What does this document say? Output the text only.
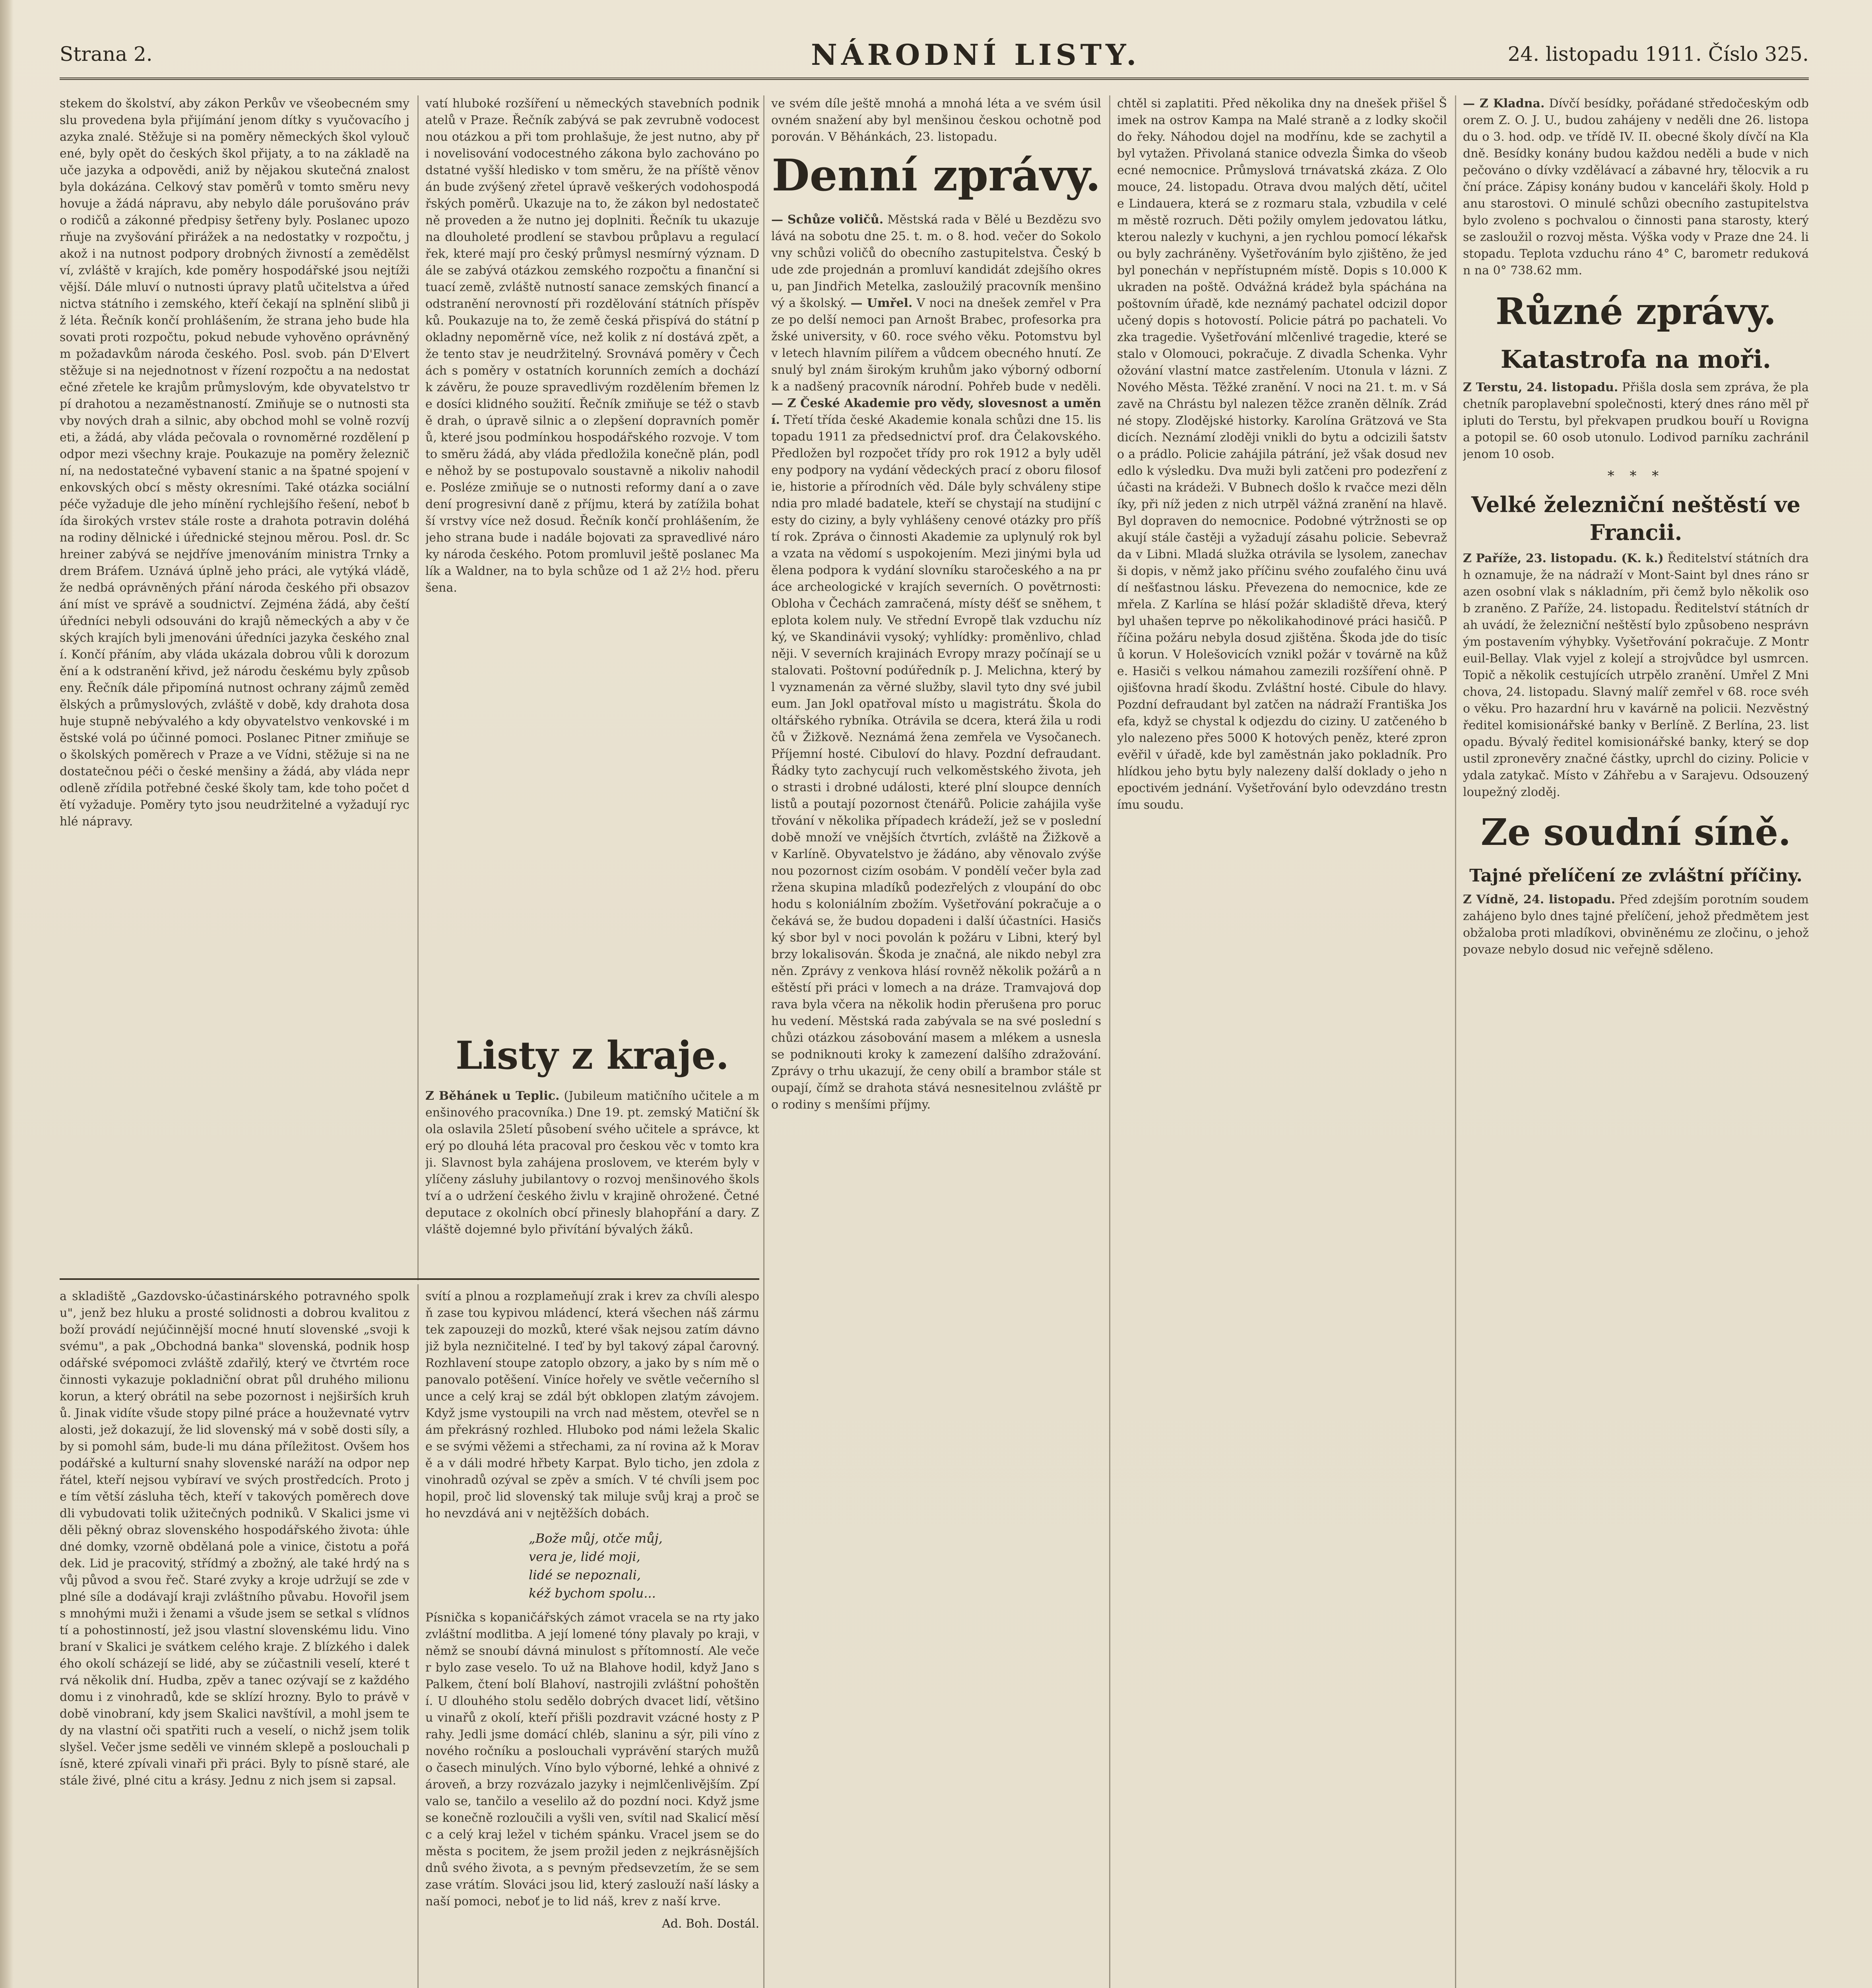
Strana 2.	NÁRODNÍ LISTY.	24. listopadu 1911. Číslo 325.
stekem do školství, aby zákon Perkův ve všeobecném smyslu provedena byla přijímání jenom dítky s vyučovacího jazyka znalé. Stěžuje si na poměry německých škol vyloučené, byly opět do českých škol přijaty, a to na základě nauče jazyka a odpovědi, aniž by nějakou skutečná znalost byla dokázána. Celkový stav poměrů v tomto směru nevyhovuje a žádá nápravu, aby nebylo dále porušováno právo rodičů a zákonné předpisy šetřeny byly. Poslanec upozorňuje na zvyšování přirážek a na nedostatky v rozpočtu, jakož i na nutnost podpory drobných živností a zemědělství, zvláště v krajích, kde poměry hospodářské jsou nejtíživější. Dále mluví o nutnosti úpravy platů učitelstva a úřednictva státního i zemského, kteří čekají na splnění slibů již léta. Řečník končí prohlášením, že strana jeho bude hlasovati proti rozpočtu, pokud nebude vyhověno oprávněným požadavkům národa českého. Posl. svob. pán D'Elvert stěžuje si na nejednotnost v řízení rozpočtu a na nedostatečné zřetele ke krajům průmyslovým, kde obyvatelstvo trpí drahotou a nezaměstnaností. Zmiňuje se o nutnosti stavby nových drah a silnic, aby obchod mohl se volně rozvíjeti, a žádá, aby vláda pečovala o rovnoměrné rozdělení podpor mezi všechny kraje. Poukazuje na poměry železniční, na nedostatečné vybavení stanic a na špatné spojení venkovských obcí s městy okresními. Také otázka sociální péče vyžaduje dle jeho mínění rychlejšího řešení, neboť bída širokých vrstev stále roste a drahota potravin doléhá na rodiny dělnické i úřednické stejnou měrou. Posl. dr. Schreiner zabývá se nejdříve jmenováním ministra Trnky a drem Bráfem. Uznává úplně jeho práci, ale vytýká vládě, že nedbá oprávněných přání národa českého při obsazování míst ve správě a soudnictví. Zejména žádá, aby čeští úředníci nebyli odsouváni do krajů německých a aby v českých krajích byli jmenováni úředníci jazyka českého znalí. Končí přáním, aby vláda ukázala dobrou vůli k dorozumění a k odstranění křivd, jež národu českému byly způsobeny. Řečník dále připomíná nutnost ochrany zájmů zemědělských a průmyslových, zvláště v době, kdy drahota dosahuje stupně nebývalého a kdy obyvatelstvo venkovské i městské volá po účinné pomoci. Poslanec Pitner zmiňuje se o školských poměrech v Praze a ve Vídni, stěžuje si na nedostatečnou péči o české menšiny a žádá, aby vláda neprodleně zřídila potřebné české školy tam, kde toho počet dětí vyžaduje. Poměry tyto jsou neudržitelné a vyžadují rychlé nápravy.
vatí hluboké rozšíření u německých stavebních podnikatelů v Praze. Řečník zabývá se pak zevrubně vodocestnou otázkou a při tom prohlašuje, že jest nutno, aby při novelisování vodocestného zákona bylo zachováno podstatné vyšší hledisko v tom směru, že na příště věnován bude zvýšený zřetel úpravě veškerých vodohospodářských poměrů. Ukazuje na to, že zákon byl nedostatečně proveden a že nutno jej doplniti. Řečník tu ukazuje na dlouholeté prodlení se stavbou průplavu a regulací řek, které mají pro český průmysl nesmírný význam. Dále se zabývá otázkou zemského rozpočtu a finanční situací země, zvláště nutností sanace zemských financí a odstranění nerovností při rozdělování státních příspěvků. Poukazuje na to, že země česká přispívá do státní pokladny nepoměrně více, než kolik z ní dostává zpět, a že tento stav je neudržitelný. Srovnává poměry v Čechách s poměry v ostatních korunních zemích a dochází k závěru, že pouze spravedlivým rozdělením břemen lze dosíci klidného soužití. Řečník zmiňuje se též o stavbě drah, o úpravě silnic a o zlepšení dopravních poměrů, které jsou podmínkou hospodářského rozvoje. V tomto směru žádá, aby vláda předložila konečně plán, podle něhož by se postupovalo soustavně a nikoliv nahodile. Posléze zmiňuje se o nutnosti reformy daní a o zavedení progresivní daně z příjmu, která by zatížila bohatší vrstvy více než dosud. Řečník končí prohlášením, že jeho strana bude i nadále bojovati za spravedlivé nároky národa českého. Potom promluvil ještě poslanec Malík a Waldner, na to byla schůze od 1 až 2½ hod. přerušena.
Listy z kraje.
Z Běhánek u Teplic. (Jubileum matičního učitele a menšinového pracovníka.) Dne 19. pt. zemský Matiční škola oslavila 25letí působení svého učitele a správce, který po dlouhá léta pracoval pro českou věc v tomto kraji. Slavnost byla zahájena proslovem, ve kterém byly vylíčeny zásluhy jubilantovy o rozvoj menšinového školství a o udržení českého živlu v krajině ohrožené. Četné deputace z okolních obcí přinesly blahopřání a dary. Zvláště dojemné bylo přivítání bývalých žáků.
ve svém díle ještě mnohá a mnohá léta a ve svém úsilovném snažení aby byl menšinou českou ochotně podporován. V Běhánkách, 23. listopadu.
Denní zprávy.
— Schůze voličů. Městská rada v Bělé u Bezdězu svolává na sobotu dne 25. t. m. o 8. hod. večer do Sokolovny schůzi voličů do obecního zastupitelstva. Český bude zde projednán a promluví kandidát zdejšího okresu, pan Jindřich Metelka, zasloužilý pracovník menšinový a školský. — Umřel. V noci na dnešek zemřel v Praze po delší nemoci pan Arnošt Brabec, profesorka pražské university, v 60. roce svého věku. Potomstvu byl v letech hlavním pilířem a vůdcem obecného hnutí. Zesnulý byl znám širokým kruhům jako výborný odborník a nadšený pracovník národní. Pohřeb bude v neděli. — Z České Akademie pro vědy, slovesnost a umění. Třetí třída české Akademie konala schůzi dne 15. listopadu 1911 za předsednictví prof. dra Čelakovského. Předložen byl rozpočet třídy pro rok 1912 a byly uděleny podpory na vydání vědeckých prací z oboru filosofie, historie a přírodních věd. Dále byly schváleny stipendia pro mladé badatele, kteří se chystají na studijní cesty do ciziny, a byly vyhlášeny cenové otázky pro příští rok. Zpráva o činnosti Akademie za uplynulý rok byla vzata na vědomí s uspokojením. Mezi jinými byla udělena podpora k vydání slovníku staročeského a na práce archeologické v krajích severních. O povětrnosti: Obloha v Čechách zamračená, místy déšť se sněhem, teplota kolem nuly. Ve střední Evropě tlak vzduchu nízký, ve Skandinávii vysoký; vyhlídky: proměnlivo, chladněji. V severních krajinách Evropy mrazy počínají se ustalovati. Poštovní podúředník p. J. Melichna, který byl vyznamenán za věrné služby, slavil tyto dny své jubileum. Jan Jokl opatřoval místo u magistrátu. Škola do oltářského rybníka. Otrávila se dcera, která žila u rodičů v Žižkově. Neznámá žena zemřela ve Vysočanech. Příjemní hosté. Cibuloví do hlavy. Pozdní defraudant. Řádky tyto zachycují ruch velkoměstského života, jeho strasti i drobné události, které plní sloupce denních listů a poutají pozornost čtenářů. Policie zahájila vyšetřování v několika případech krádeží, jež se v poslední době množí ve vnějších čtvrtích, zvláště na Žižkově a v Karlíně. Obyvatelstvo je žádáno, aby věnovalo zvýšenou pozornost cizím osobám. V pondělí večer byla zadržena skupina mladíků podezřelých z vloupání do obchodu s koloniálním zbožím. Vyšetřování pokračuje a očekává se, že budou dopadeni i další účastníci. Hasičský sbor byl v noci povolán k požáru v Libni, který byl brzy lokalisován. Škoda je značná, ale nikdo nebyl zraněn. Zprávy z venkova hlásí rovněž několik požárů a neštěstí při práci v lomech a na dráze. Tramvajová doprava byla včera na několik hodin přerušena pro poruchu vedení. Městská rada zabývala se na své poslední schůzi otázkou zásobování masem a mlékem a usnesla se podniknouti kroky k zamezení dalšího zdražování. Zprávy o trhu ukazují, že ceny obilí a brambor stále stoupají, čímž se drahota stává nesnesitelnou zvláště pro rodiny s menšími příjmy.
chtěl si zaplatiti. Před několika dny na dnešek přišel Šimek na ostrov Kampa na Malé straně a z lodky skočil do řeky. Náhodou dojel na modřínu, kde se zachytil a byl vytažen. Přivolaná stanice odvezla Šimka do všeobecné nemocnice. Průmyslová trnávatská zkáza. Z Olomouce, 24. listopadu. Otrava dvou malých dětí, učitele Lindauera, která se z rozmaru stala, vzbudila v celém městě rozruch. Děti požily omylem jedovatou látku, kterou nalezly v kuchyni, a jen rychlou pomocí lékařskou byly zachráněny. Vyšetřováním bylo zjištěno, že jed byl ponechán v nepřístupném místě. Dopis s 10.000 K ukraden na poště. Odvážná krádež byla spáchána na poštovním úřadě, kde neznámý pachatel odcizil doporučený dopis s hotovostí. Policie pátrá po pachateli. Vozka tragedie. Vyšetřování mlčenlivé tragedie, které se stalo v Olomouci, pokračuje. Z divadla Schenka. Vyhrožování vlastní matce zastřelením. Utonula v lázni. Z Nového Města. Těžké zranění. V noci na 21. t. m. v Sázavě na Chrástu byl nalezen těžce zraněn dělník. Zrádné stopy. Zlodějské historky. Karolína Grätzová ve Stadicích. Neznámí zloději vnikli do bytu a odcizili šatstvo a prádlo. Policie zahájila pátrání, jež však dosud nevedlo k výsledku. Dva muži byli zatčeni pro podezření z účasti na krádeži. V Bubnech došlo k rvačce mezi dělníky, při níž jeden z nich utrpěl vážná zranění na hlavě. Byl dopraven do nemocnice. Podobné výtržnosti se opakují stále častěji a vyžadují zásahu policie. Sebevražda v Libni. Mladá služka otrávila se lysolem, zanechavši dopis, v němž jako příčinu svého zoufalého činu uvádí nešťastnou lásku. Převezena do nemocnice, kde zemřela. Z Karlína se hlásí požár skladiště dřeva, který byl uhašen teprve po několikahodinové práci hasičů. Příčina požáru nebyla dosud zjištěna. Škoda jde do tisíců korun. V Holešovicích vznikl požár v továrně na kůže. Hasiči s velkou námahou zamezili rozšíření ohně. Pojišťovna hradí škodu. Zvláštní hosté. Cibule do hlavy. Pozdní defraudant byl zatčen na nádraží Františka Josefa, když se chystal k odjezdu do ciziny. U zatčeného bylo nalezeno přes 5000 K hotových peněz, které zpronevěřil v úřadě, kde byl zaměstnán jako pokladník. Prohlídkou jeho bytu byly nalezeny další doklady o jeho nepoctivém jednání. Vyšetřování bylo odevzdáno trestnímu soudu.
— Z Kladna. Dívčí besídky, pořádané středočeským odborem Z. O. J. U., budou zahájeny v neděli dne 26. listopadu o 3. hod. odp. ve třídě IV. II. obecné školy dívčí na Kladně. Besídky konány budou každou neděli a bude v nich pečováno o dívky vzdělávací a zábavné hry, tělocvik a ruční práce. Zápisy konány budou v kanceláři školy. Hold panu starostovi. O minulé schůzi obecního zastupitelstva bylo zvoleno s pochvalou o činnosti pana starosty, který se zasloužil o rozvoj města. Výška vody v Praze dne 24. listopadu. Teplota vzduchu ráno 4° C, barometr redukován na 0° 738.62 mm.
Různé zprávy.
Katastrofa na moři.
Z Terstu, 24. listopadu. Přišla dosla sem zpráva, že plachetník paroplavební společnosti, který dnes ráno měl připluti do Terstu, byl překvapen prudkou bouří u Rovigna a potopil se. 60 osob utonulo. Lodivod parníku zachránil jenom 10 osob.
* * *
Velké železniční neštěstí ve Francii.
Z Paříže, 23. listopadu. (K. k.) Ředitelství státních drah oznamuje, že na nádraží v Mont-Saint byl dnes ráno srazen osobní vlak s nákladním, při čemž bylo několik osob zraněno. Z Paříže, 24. listopadu. Ředitelství státních drah uvádí, že železniční neštěstí bylo způsobeno nesprávným postavením výhybky. Vyšetřování pokračuje. Z Montreuil-Bellay. Vlak vyjel z kolejí a strojvůdce byl usmrcen. Topič a několik cestujících utrpělo zranění. Umřel Z Mnichova, 24. listopadu. Slavný malíř zemřel v 68. roce svého věku. Pro hazardní hru v kavárně na policii. Nezvěstný ředitel komisionářské banky v Berlíně. Z Berlína, 23. listopadu. Bývalý ředitel komisionářské banky, který se dopustil zpronevěry značné částky, uprchl do ciziny. Policie vydala zatykač. Místo v Záhřebu a v Sarajevu. Odsouzený loupežný zloděj.
Ze soudní síně.
Tajné přelíčení ze zvláštní příčiny.
Z Vídně, 24. listopadu. Před zdejším porotním soudem zahájeno bylo dnes tajné přelíčení, jehož předmětem jest obžaloba proti mladíkovi, obviněnému ze zločinu, o jehož povaze nebylo dosud nic veřejně sděleno.
a skladiště „Gazdovsko-účastinárského potravného spolku", jenž bez hluku a prosté solidnosti a dobrou kvalitou zboží provádí nejúčinnější mocné hnutí slovenské „svoji k svému", a pak „Obchodná banka" slovenská, podnik hospodářské svépomoci zvláště zdařilý, který ve čtvrtém roce činnosti vykazuje pokladniční obrat půl druhého milionu korun, a který obrátil na sebe pozornost i nejširších kruhů. Jinak vidíte všude stopy pilné práce a houževnaté vytrvalosti, jež dokazují, že lid slovenský má v sobě dosti síly, aby si pomohl sám, bude-li mu dána příležitost. Ovšem hospodářské a kulturní snahy slovenské naráží na odpor nepřátel, kteří nejsou vybíraví ve svých prostředcích. Proto je tím větší zásluha těch, kteří v takových poměrech dovedli vybudovati tolik užitečných podniků. V Skalici jsme viděli pěkný obraz slovenského hospodářského života: úhledné domky, vzorně obdělaná pole a vinice, čistotu a pořádek. Lid je pracovitý, střídmý a zbožný, ale také hrdý na svůj původ a svou řeč. Staré zvyky a kroje udržují se zde v plné síle a dodávají kraji zvláštního půvabu. Hovořil jsem s mnohými muži i ženami a všude jsem se setkal s vlídností a pohostinností, jež jsou vlastní slovenskému lidu. Vinobraní v Skalici je svátkem celého kraje. Z blízkého i dalekého okolí scházejí se lidé, aby se zúčastnili veselí, které trvá několik dní. Hudba, zpěv a tanec ozývají se z každého domu i z vinohradů, kde se sklízí hrozny. Bylo to právě v době vinobraní, kdy jsem Skalici navštívil, a mohl jsem tedy na vlastní oči spatřiti ruch a veselí, o nichž jsem tolik slyšel. Večer jsme seděli ve vinném sklepě a poslouchali písně, které zpívali vinaři při práci. Byly to písně staré, ale stále živé, plné citu a krásy. Jednu z nich jsem si zapsal.
svítí a plnou a rozplameňují zrak i krev za chvíli alespoň zase tou kypivou mládencí, která všechen náš zármutek zapouzeji do mozků, které však nejsou zatím dávno již byla nezničitelné. I teď by byl takový zápal čarovný. Rozhlavení stoupe zatoplo obzory, a jako by s ním mě opanovalo potěšení. Viníce hořely ve světle večerního slunce a celý kraj se zdál být obklopen zlatým závojem. Když jsme vystoupili na vrch nad městem, otevřel se nám překrásný rozhled. Hluboko pod námi ležela Skalice se svými věžemi a střechami, za ní rovina až k Moravě a v dáli modré hřbety Karpat. Bylo ticho, jen zdola z vinohradů ozýval se zpěv a smích. V té chvíli jsem pochopil, proč lid slovenský tak miluje svůj kraj a proč se ho nevzdává ani v nejtěžších dobách.
„Bože můj, otče můj,
vera je, lidé moji,
lidé se nepoznali,
kéž bychom spolu...
Písnička s kopaničářských zámot vracela se na rty jako zvláštní modlitba. A její lomené tóny plavaly po kraji, v němž se snoubí dávná minulost s přítomností. Ale večer bylo zase veselo. To už na Blahove hodil, když Jano s Palkem, čtení bolí Blahoví, nastrojili zvláštní pohoštění. U dlouhého stolu sedělo dobrých dvacet lidí, většinou vinařů z okolí, kteří přišli pozdravit vzácné hosty z Prahy. Jedli jsme domácí chléb, slaninu a sýr, pili víno z nového ročníku a poslouchali vyprávění starých mužů o časech minulých. Víno bylo výborné, lehké a ohnivé zároveň, a brzy rozvázalo jazyky i nejmlčenlivějším. Zpívalo se, tančilo a veselilo až do pozdní noci. Když jsme se konečně rozloučili a vyšli ven, svítil nad Skalicí měsíc a celý kraj ležel v tichém spánku. Vracel jsem se do města s pocitem, že jsem prožil jeden z nejkrásnějších dnů svého života, a s pevným předsevzetím, že se sem zase vrátím. Slováci jsou lid, který zaslouží naší lásky a naší pomoci, neboť je to lid náš, krev z naší krve.
Ad. Boh. Dostál.
